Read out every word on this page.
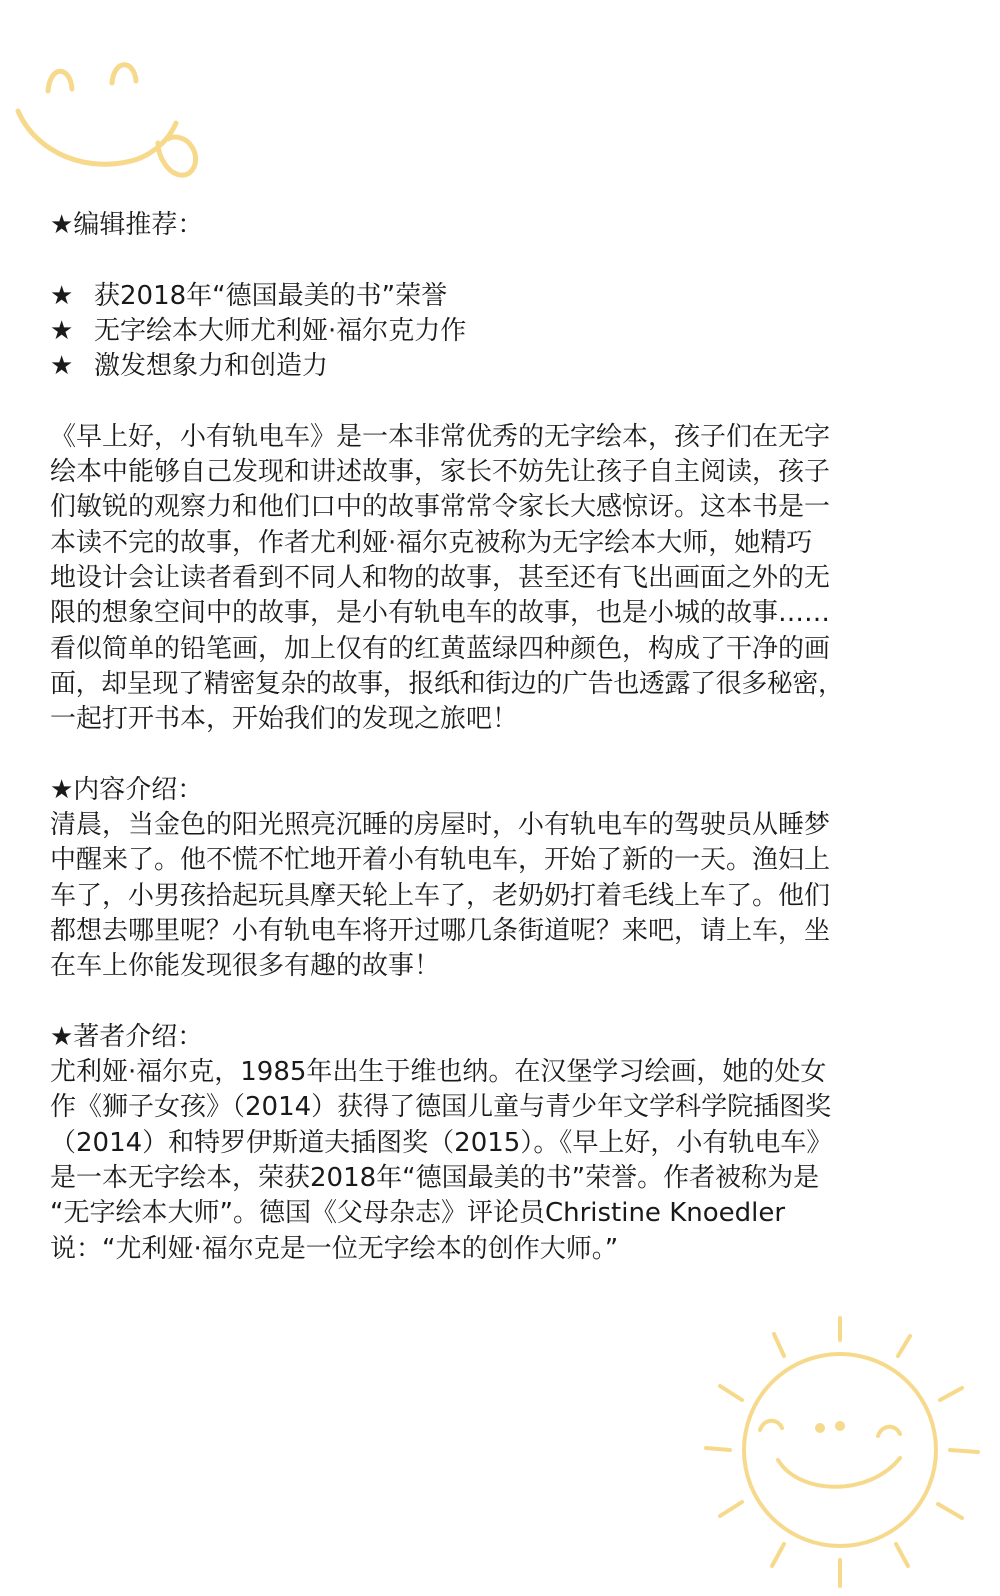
★编辑推荐：
★ 获2018年“德国最美的书”荣誉
★ 无字绘本大师尤利娅·福尔克力作
★ 激发想象力和创造力
《早上好，小有轨电车》是一本非常优秀的无字绘本，孩子们在无字
绘本中能够自己发现和讲述故事，家长不妨先让孩子自主阅读，孩子
们敏锐的观察力和他们口中的故事常常令家长大感惊讶。这本书是一
本读不完的故事，作者尤利娅·福尔克被称为无字绘本大师，她精巧
地设计会让读者看到不同人和物的故事，甚至还有飞出画面之外的无
限的想象空间中的故事，是小有轨电车的故事，也是小城的故事……
看似简单的铅笔画，加上仅有的红黄蓝绿四种颜色，构成了干净的画
面，却呈现了精密复杂的故事，报纸和街边的广告也透露了很多秘密，
一起打开书本，开始我们的发现之旅吧！
★内容介绍：
清晨，当金色的阳光照亮沉睡的房屋时，小有轨电车的驾驶员从睡梦
中醒来了。他不慌不忙地开着小有轨电车，开始了新的一天。渔妇上
车了，小男孩拾起玩具摩天轮上车了，老奶奶打着毛线上车了。他们
都想去哪里呢？小有轨电车将开过哪几条街道呢？来吧，请上车，坐
在车上你能发现很多有趣的故事！
★著者介绍：
尤利娅·福尔克，1985年出生于维也纳。在汉堡学习绘画，她的处女
作《狮子女孩》（2014）获得了德国儿童与青少年文学科学院插图奖
（2014）和特罗伊斯道夫插图奖（2015）。《早上好，小有轨电车》
是一本无字绘本，荣获2018年“德国最美的书”荣誉。作者被称为是
“无字绘本大师”。德国《父母杂志》评论员Christine Knoedler
说：“尤利娅·福尔克是一位无字绘本的创作大师。”
